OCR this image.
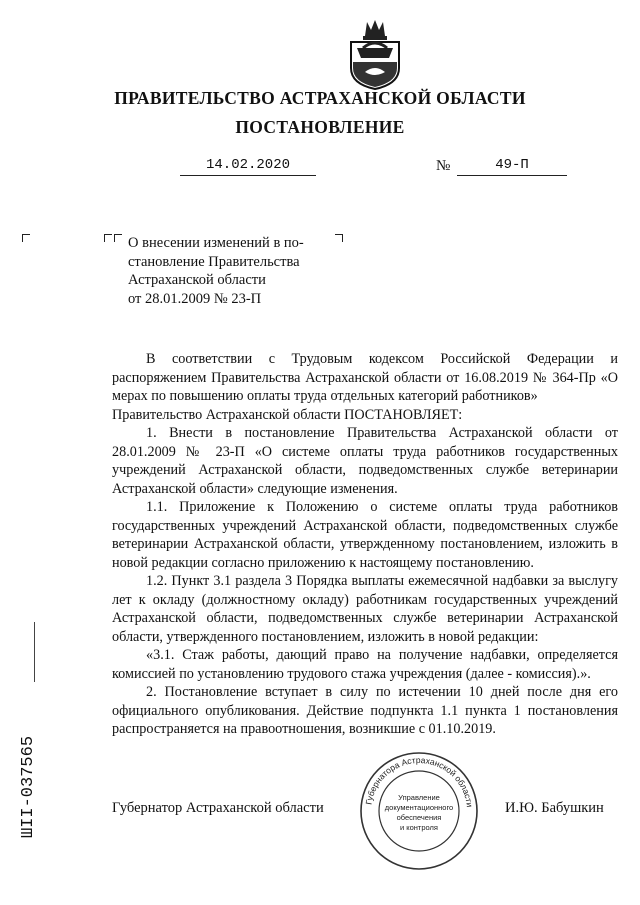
ПРАВИТЕЛЬСТВО АСТРАХАНСКОЙ ОБЛАСТИ
ПОСТАНОВЛЕНИЕ
14.02.2020	№	49-П
О внесении изменений в по-
становление Правительства
Астраханской области
от 28.01.2009 № 23-П

В соответствии с Трудовым кодексом Российской Федерации и распоряжением Правительства Астраханской области от 16.08.2019 № 364-Пр «О мерах по повышению оплаты труда отдельных категорий работников»

Правительство Астраханской области ПОСТАНОВЛЯЕТ:

1. Внести в постановление Правительства Астраханской области от 28.01.2009 № 23-П «О системе оплаты труда работников государственных учреждений Астраханской области, подведомственных службе ветеринарии Астраханской области» следующие изменения.

1.1. Приложение к Положению о системе оплаты труда работников государственных учреждений Астраханской области, подведомственных службе ветеринарии Астраханской области, утвержденному постановлением, изложить в новой редакции согласно приложению к настоящему постановлению.

1.2. Пункт 3.1 раздела 3 Порядка выплаты ежемесячной надбавки за выслугу лет к окладу (должностному окладу) работникам государственных учреждений Астраханской области, подведомственных службе ветеринарии Астраханской области, утвержденного постановлением, изложить в новой редакции:

«3.1. Стаж работы, дающий право на получение надбавки, определяется комиссией по установлению трудового стажа учреждения (далее - комиссия).».

2. Постановление вступает в силу по истечении 10 дней после дня его официального опубликования. Действие подпункта 1.1 пункта 1 постановления распространяется на правоотношения, возникшие с 01.10.2019.

Губернатор Астраханской области	И.Ю. Бабушкин
Губернатора Астраханской области
Управление
документационного
обеспечения
и контроля
ШII-037565
